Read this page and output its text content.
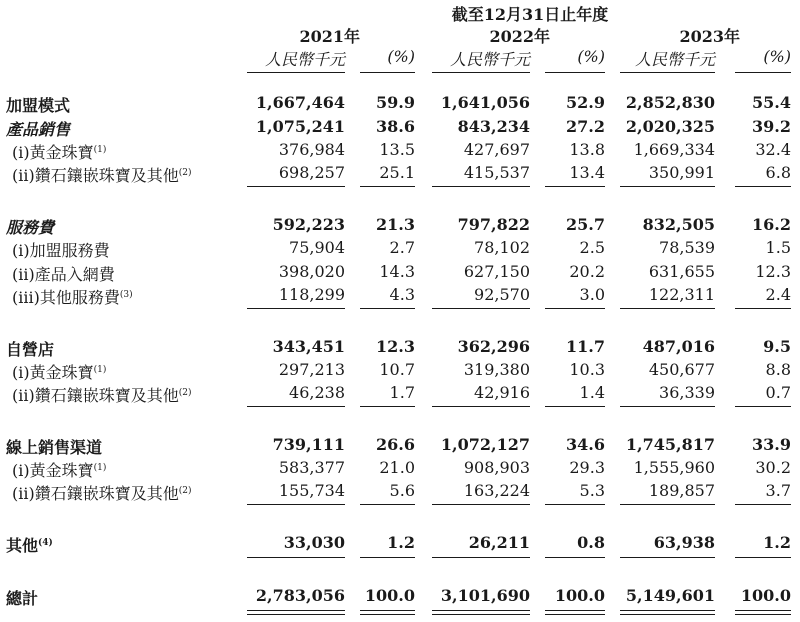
截至12月31日止年度
2021年	2022年	2023年
人民幣千元	(%)	人民幣千元	(%)	人民幣千元	(%)
加盟模式	1,667,464	59.9	1,641,056	52.9	2,852,830	55.4
產品銷售	1,075,241	38.6	843,234	27.2	2,020,325	39.2
(i)黃金珠寶$^{(1)}$	376,984	13.5	427,697	13.8	1,669,334	32.4
(ii)鑽石鑲嵌珠寶及其他$^{(2)}$	698,257	25.1	415,537	13.4	350,991	6.8
服務費	592,223	21.3	797,822	25.7	832,505	16.2
(i)加盟服務費	75,904	2.7	78,102	2.5	78,539	1.5
(ii)產品入網費	398,020	14.3	627,150	20.2	631,655	12.3
(iii)其他服務費$^{(3)}$	118,299	4.3	92,570	3.0	122,311	2.4
自營店	343,451	12.3	362,296	11.7	487,016	9.5
(i)黃金珠寶$^{(1)}$	297,213	10.7	319,380	10.3	450,677	8.8
(ii)鑽石鑲嵌珠寶及其他$^{(2)}$	46,238	1.7	42,916	1.4	36,339	0.7
線上銷售渠道	739,111	26.6	1,072,127	34.6	1,745,817	33.9
(i)黃金珠寶$^{(1)}$	583,377	21.0	908,903	29.3	1,555,960	30.2
(ii)鑽石鑲嵌珠寶及其他$^{(2)}$	155,734	5.6	163,224	5.3	189,857	3.7
其他$^{(4)}$	33,030	1.2	26,211	0.8	63,938	1.2
總計	2,783,056	100.0	3,101,690	100.0	5,149,601	100.0
